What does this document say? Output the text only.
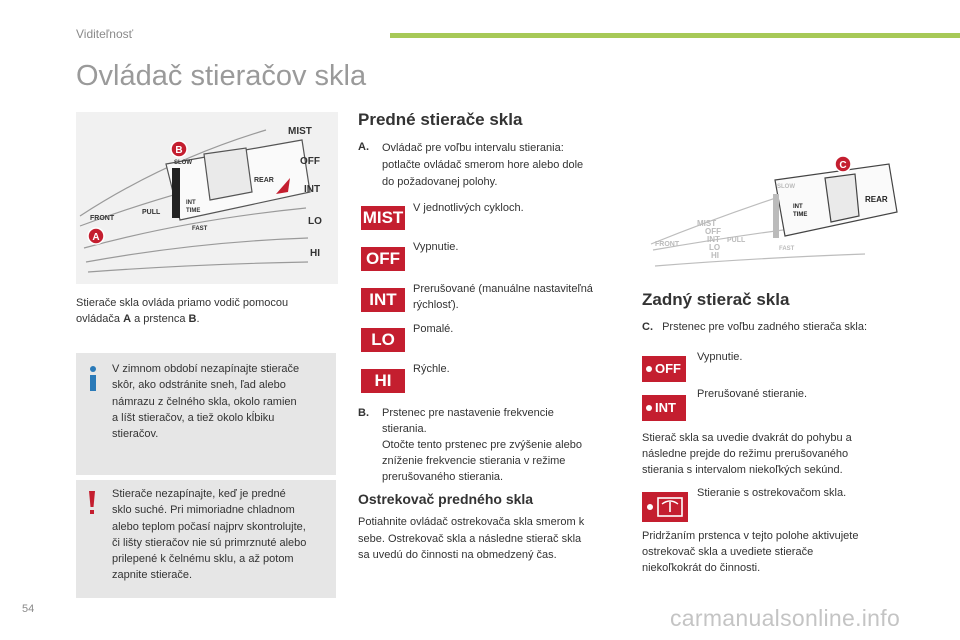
Viditeľnosť
Ovládač stieračov skla
MIST
OFF
INT
LO
HI
FRONT
PULL
SLOW
FAST
REAR
INT
TIME
A
B
Stierače skla ovláda priamo vodič pomocou
ovládača A a prstenca B.
V zimnom období nezapínajte stierače
skôr, ako odstránite sneh, ľad alebo
námrazu z čelného skla, okolo ramien
a líšt stieračov, a tiež okolo kĺbiku
stieračov.
Stierače nezapínajte, keď je predné
sklo suché. Pri mimoriadne chladnom
alebo teplom počasí najprv skontrolujte,
či lišty stieračov nie sú primrznuté alebo
prilepené k čelnému sklu, a až potom
zapnite stierače.
Predné stierače skla
A. Ovládač pre voľbu intervalu stierania:
potlačte ovládač smerom hore alebo dole
do požadovanej polohy.
MIST V jednotlivých cykloch.
OFF
Vypnutie.
INT
Prerušované (manuálne nastaviteľná
rýchlosť).
LO
Pomalé.
HI
Rýchle.
B. Prstenec pre nastavenie frekvencie
stierania.
Otočte tento prstenec pre zvýšenie alebo
zníženie frekvencie stierania v režime
prerušovaného stierania.
Ostrekovač predného skla
Potiahnite ovládač ostrekovača skla smerom k
sebe. Ostrekovač skla a následne stierač skla
sa uvedú do činnosti na obmedzený čas.
MIST
OFF
INT
LO
HI
FRONT
PULL
SLOW
FAST
REAR
INT
TIME
C
Zadný stierač skla
C. Prstenec pre voľbu zadného stierača skla:
OFF
Vypnutie.
INT
Prerušované stieranie.
Stierač skla sa uvedie dvakrát do pohybu a
následne prejde do režimu prerušovaného
stierania s intervalom niekoľkých sekúnd.
Stieranie s ostrekovačom skla.
Pridržaním prstenca v tejto polohe aktivujete
ostrekovač skla a uvediete stierače
niekoľkokrát do činnosti.
54	carmanualsonline.info
